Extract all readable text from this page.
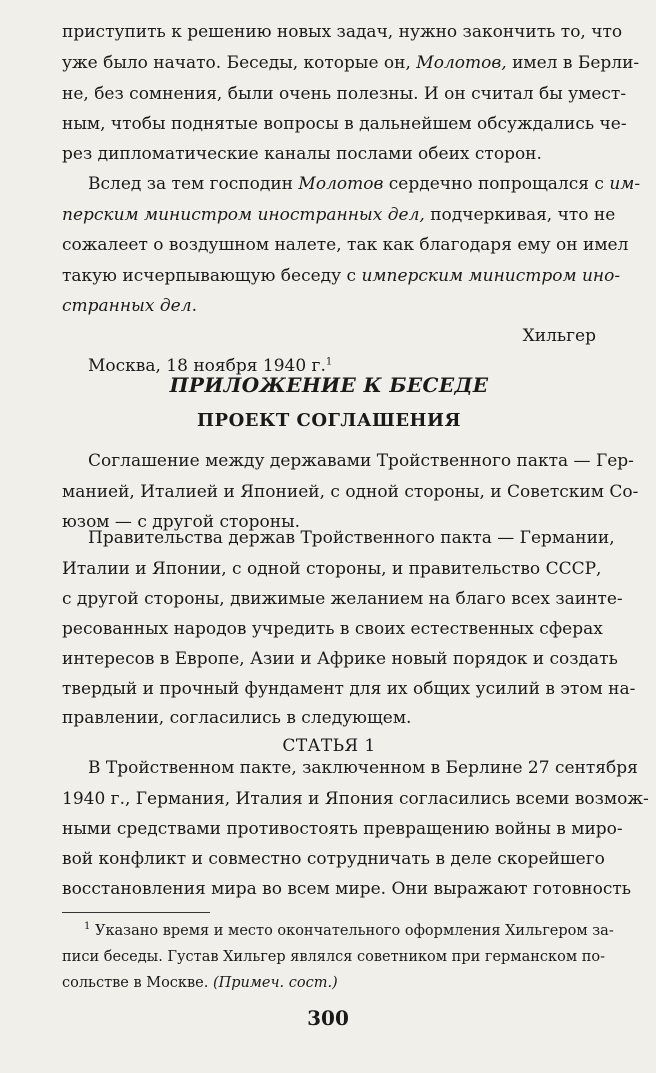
приступить к решению новых задач, нужно закончить то, что
уже было начато. Беседы, которые он, Молотов, имел в Берли-
не, без сомнения, были очень полезны. И он считал бы умест-
ным, чтобы поднятые вопросы в дальнейшем обсуждались че-
рез дипломатические каналы послами обеих сторон.
Вслед за тем господин Молотов сердечно попрощался с им-
перским министром иностранных дел, подчеркивая, что не
сожалеет о воздушном налете, так как благодаря ему он имел
такую исчерпывающую беседу с имперским министром ино-
странных дел.
Хильгер
Москва, 18 ноября 1940 г.$^1$
ПРИЛОЖЕНИЕ К БЕСЕДЕ
ПРОЕКТ СОГЛАШЕНИЯ
Соглашение между державами Тройственного пакта — Гер-
манией, Италией и Японией, с одной стороны, и Советским Со-
юзом — с другой стороны.
Правительства держав Тройственного пакта — Германии,
Италии и Японии, с одной стороны, и правительство СССР,
с другой стороны, движимые желанием на благо всех заинте-
ресованных народов учредить в своих естественных сферах
интересов в Европе, Азии и Африке новый порядок и создать
твердый и прочный фундамент для их общих усилий в этом на-
правлении, согласились в следующем.
СТАТЬЯ 1
В Тройственном пакте, заключенном в Берлине 27 сентября
1940 г., Германия, Италия и Япония согласились всеми возмож-
ными средствами противостоять превращению войны в миро-
вой конфликт и совместно сотрудничать в деле скорейшего
восстановления мира во всем мире. Они выражают готовность
$^1$ Указано время и место окончательного оформления Хильгером за-
писи беседы. Густав Хильгер являлся советником при германском по-
сольстве в Москве. (Примеч. сост.)
300
